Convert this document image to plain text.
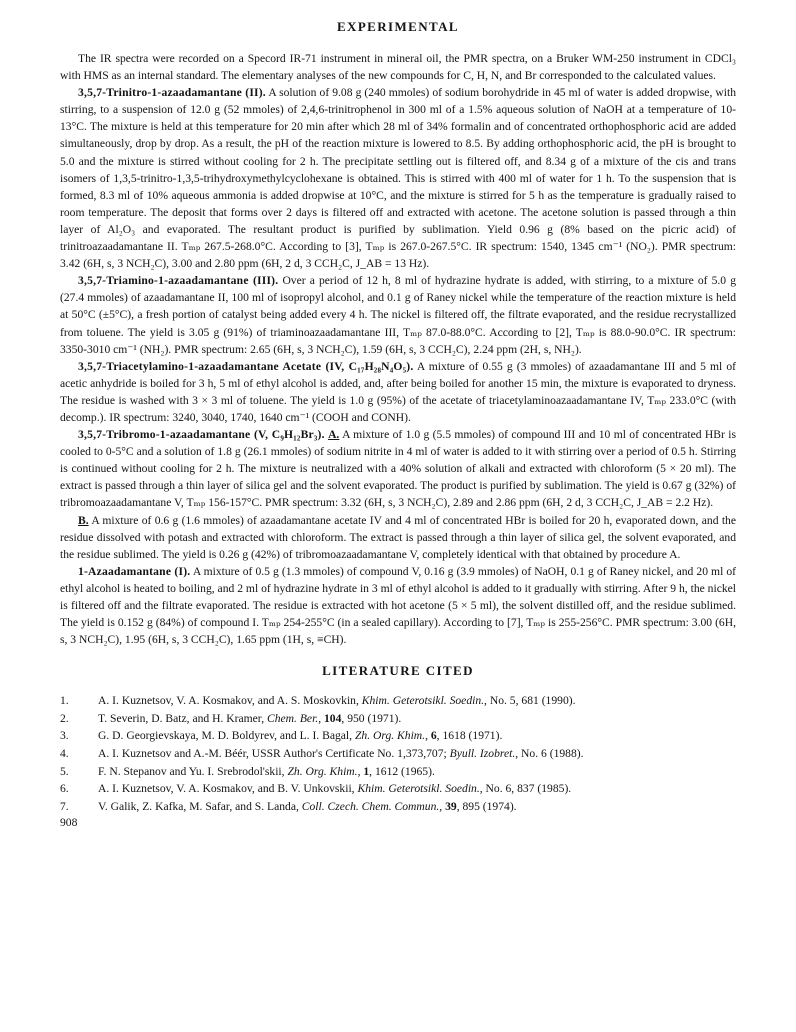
EXPERIMENTAL

The IR spectra were recorded on a Specord IR-71 instrument in mineral oil, the PMR spectra, on a Bruker WM-250 instrument in CDCl₃ with HMS as an internal standard. The elementary analyses of the new compounds for C, H, N, and Br corresponded to the calculated values.

3,5,7-Trinitro-1-azaadamantane (II). A solution of 9.08 g (240 mmoles) of sodium borohydride in 45 ml of water is added dropwise, with stirring, to a suspension of 12.0 g (52 mmoles) of 2,4,6-trinitrophenol in 300 ml of a 1.5% aqueous solution of NaOH at a temperature of 10-13°C. The mixture is held at this temperature for 20 min after which 28 ml of 34% formalin and of concentrated orthophosphoric acid are added simultaneously, drop by drop. As a result, the pH of the reaction mixture is lowered to 8.5. By adding orthophosphoric acid, the pH is brought to 5.0 and the mixture is stirred without cooling for 2 h. The precipitate settling out is filtered off, and 8.34 g of a mixture of the cis and trans isomers of 1,3,5-trinitro-1,3,5-trihydroxymethylcyclohexane is obtained. This is stirred with 400 ml of water for 1 h. To the suspension that is formed, 8.3 ml of 10% aqueous ammonia is added dropwise at 10°C, and the mixture is stirred for 5 h as the temperature is gradually raised to room temperature. The deposit that forms over 2 days is filtered off and extracted with acetone. The acetone solution is passed through a thin layer of Al₂O₃ and evaporated. The resultant product is purified by sublimation. Yield 0.96 g (8% based on the picric acid) of trinitroazaadamantane II. Tₘₚ 267.5-268.0°C. According to [3], Tₘₚ is 267.0-267.5°C. IR spectrum: 1540, 1345 cm⁻¹ (NO₂). PMR spectrum: 3.42 (6H, s, 3 NCH₂C), 3.00 and 2.80 ppm (6H, 2 d, 3 CCH₂C, J_AB = 13 Hz).

3,5,7-Triamino-1-azaadamantane (III). Over a period of 12 h, 8 ml of hydrazine hydrate is added, with stirring, to a mixture of 5.0 g (27.4 mmoles) of azaadamantane II, 100 ml of isopropyl alcohol, and 0.1 g of Raney nickel while the temperature of the reaction mixture is held at 50°C (±5°C), a fresh portion of catalyst being added every 4 h. The nickel is filtered off, the filtrate evaporated, and the residue recrystallized from toluene. The yield is 3.05 g (91%) of triaminoazaadamantane III, Tₘₚ 87.0-88.0°C. According to [2], Tₘₚ is 88.0-90.0°C. IR spectrum: 3350-3010 cm⁻¹ (NH₂). PMR spectrum: 2.65 (6H, s, 3 NCH₂C), 1.59 (6H, s, 3 CCH₂C), 2.24 ppm (2H, s, NH₂).

3,5,7-Triacetylamino-1-azaadamantane Acetate (IV, C₁₇H₂₈N₄O₅). A mixture of 0.55 g (3 mmoles) of azaadamantane III and 5 ml of acetic anhydride is boiled for 3 h, 5 ml of ethyl alcohol is added, and, after being boiled for another 15 min, the mixture is evaporated to dryness. The residue is washed with 3 × 3 ml of toluene. The yield is 1.0 g (95%) of the acetate of triacetylaminoazaadamantane IV, Tₘₚ 233.0°C (with decomp.). IR spectrum: 3240, 3040, 1740, 1640 cm⁻¹ (COOH and CONH).

3,5,7-Tribromo-1-azaadamantane (V, C₉H₁₂Br₃). A. A mixture of 1.0 g (5.5 mmoles) of compound III and 10 ml of concentrated HBr is cooled to 0-5°C and a solution of 1.8 g (26.1 mmoles) of sodium nitrite in 4 ml of water is added to it with stirring over a period of 0.5 h. Stirring is continued without cooling for 2 h. The mixture is neutralized with a 40% solution of alkali and extracted with chloroform (5 × 20 ml). The extract is passed through a thin layer of silica gel and the solvent evaporated. The product is purified by sublimation. The yield is 0.67 g (32%) of tribromoazaadamantane V, Tₘₚ 156-157°C. PMR spectrum: 3.32 (6H, s, 3 NCH₂C), 2.89 and 2.86 ppm (6H, 2 d, 3 CCH₂C, J_AB = 2.2 Hz).

B. A mixture of 0.6 g (1.6 mmoles) of azaadamantane acetate IV and 4 ml of concentrated HBr is boiled for 20 h, evaporated down, and the residue dissolved with potash and extracted with chloroform. The extract is passed through a thin layer of silica gel, the solvent evaporated, and the residue sublimed. The yield is 0.26 g (42%) of tribromoazaadamantane V, completely identical with that obtained by procedure A.

1-Azaadamantane (I). A mixture of 0.5 g (1.3 mmoles) of compound V, 0.16 g (3.9 mmoles) of NaOH, 0.1 g of Raney nickel, and 20 ml of ethyl alcohol is heated to boiling, and 2 ml of hydrazine hydrate in 3 ml of ethyl alcohol is added to it gradually with stirring. After 9 h, the nickel is filtered off and the filtrate evaporated. The residue is extracted with hot acetone (5 × 5 ml), the solvent distilled off, and the residue sublimed. The yield is 0.152 g (84%) of compound I. Tₘₚ 254-255°C (in a sealed capillary). According to [7], Tₘₚ is 255-256°C. PMR spectrum: 3.00 (6H, s, 3 NCH₂C), 1.95 (6H, s, 3 CCH₂C), 1.65 ppm (1H, s, ≡CH).

LITERATURE CITED
1.	A. I. Kuznetsov, V. A. Kosmakov, and A. S. Moskovkin, Khim. Geterotsikl. Soedin., No. 5, 681 (1990).
2.	T. Severin, D. Batz, and H. Kramer, Chem. Ber., 104, 950 (1971).
3.	G. D. Georgievskaya, M. D. Boldyrev, and L. I. Bagal, Zh. Org. Khim., 6, 1618 (1971).
4.	A. I. Kuznetsov and A.-M. Béér, USSR Author's Certificate No. 1,373,707; Byull. Izobret., No. 6 (1988).
5.	F. N. Stepanov and Yu. I. Srebrodol'skii, Zh. Org. Khim., 1, 1612 (1965).
6.	A. I. Kuznetsov, V. A. Kosmakov, and B. V. Unkovskii, Khim. Geterotsikl. Soedin., No. 6, 837 (1985).
7.	V. Galik, Z. Kafka, M. Safar, and S. Landa, Coll. Czech. Chem. Commun., 39, 895 (1974).
908
